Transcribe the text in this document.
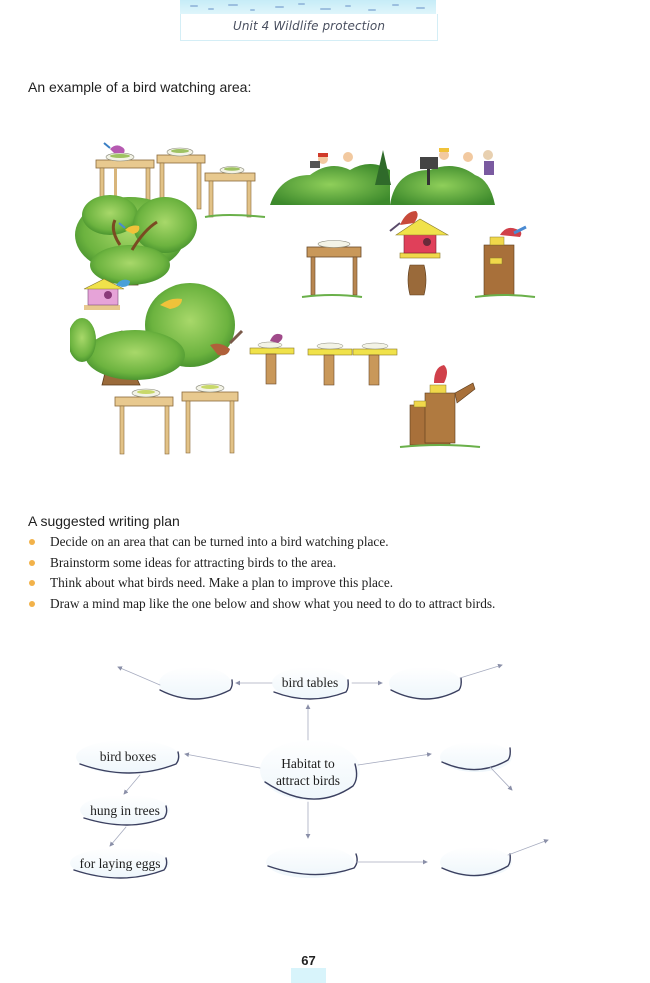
Unit 4 Wildlife protection
An example of a bird watching area:
A suggested writing plan
Decide on an area that can be turned into a bird watching place.
Brainstorm some ideas for attracting birds to the area.
Think about what birds need. Make a plan to improve this place.
Draw a mind map like the one below and show what you need to do to attract birds.
bird tables
bird boxes	Habitat to
attract birds
hung in trees
for laying eggs
67
